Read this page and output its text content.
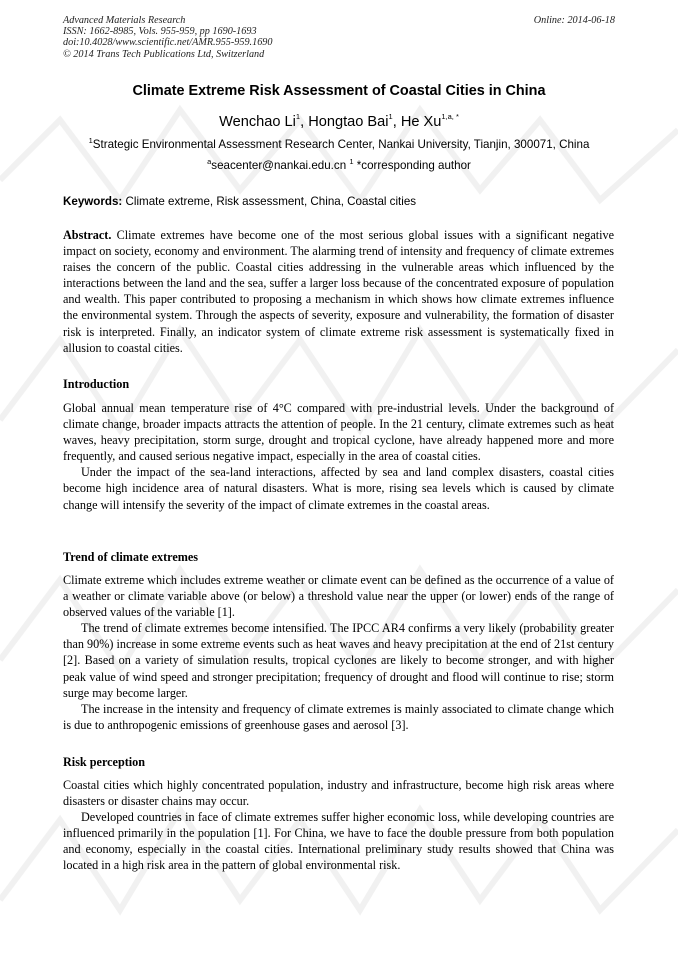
Advanced Materials Research
ISSN: 1662-8985, Vols. 955-959, pp 1690-1693
doi:10.4028/www.scientific.net/AMR.955-959.1690
© 2014 Trans Tech Publications Ltd, Switzerland
Online: 2014-06-18
Climate Extreme Risk Assessment of Coastal Cities in China
Wenchao Li$^1$, Hongtao Bai$^1$, He $Xu^{1,a, *}$
$^1$Strategic Environmental Assessment Research Center, Nankai University, Tianjin, 300071, China
$^a$seacenter@nankai.edu.cn $^1$ *corresponding author
Keywords: Climate extreme, Risk assessment, China, Coastal cities

Abstract. Climate extremes have become one of the most serious global issues with a significant negative impact on society, economy and environment. The alarming trend of intensity and frequency of climate extremes raises the concern of the public. Coastal cities addressing in the vulnerable areas which influenced by the interactions between the land and the sea, suffer a larger loss because of the concentrated exposure of population and wealth. This paper contributed to proposing a mechanism in which shows how climate extremes influence the environmental system. Through the aspects of severity, exposure and vulnerability, the formation of disaster risk is interpreted. Finally, an indicator system of climate extreme risk assessment is systematically fixed in allusion to coastal cities.

Introduction

Global annual mean temperature rise of 4°C compared with pre-industrial levels. Under the background of climate change, broader impacts attracts the attention of people. In the 21 century, climate extremes such as heat waves, heavy precipitation, storm surge, drought and tropical cyclone, have already happened more and more frequently, and caused serious negative impact, especially in the area of coastal cities.

Under the impact of the sea-land interactions, affected by sea and land complex disasters, coastal cities become high incidence area of natural disasters. What is more, rising sea levels which is caused by climate change will intensify the severity of the impact of climate extremes in the coastal areas.

Trend of climate extremes

Climate extreme which includes extreme weather or climate event can be defined as the occurrence of a value of a weather or climate variable above (or below) a threshold value near the upper (or lower) ends of the range of observed values of the variable [1].

The trend of climate extremes become intensified. The IPCC AR4 confirms a very likely (probability greater than 90%) increase in some extreme events such as heat waves and heavy precipitation at the end of 21st century [2]. Based on a variety of simulation results, tropical cyclones are likely to become stronger, and with higher peak value of wind speed and stronger precipitation; frequency of drought and flood will continue to rise; storm surge may become larger.

The increase in the intensity and frequency of climate extremes is mainly associated to climate change which is due to anthropogenic emissions of greenhouse gases and aerosol [3].

Risk perception

Coastal cities which highly concentrated population, industry and infrastructure, become high risk areas where disasters or disaster chains may occur.

Developed countries in face of climate extremes suffer higher economic loss, while developing countries are influenced primarily in the population [1]. For China, we have to face the double pressure from both population and economy, especially in the coastal cities. International preliminary study results showed that China was located in a high risk area in the pattern of global environmental risk.
